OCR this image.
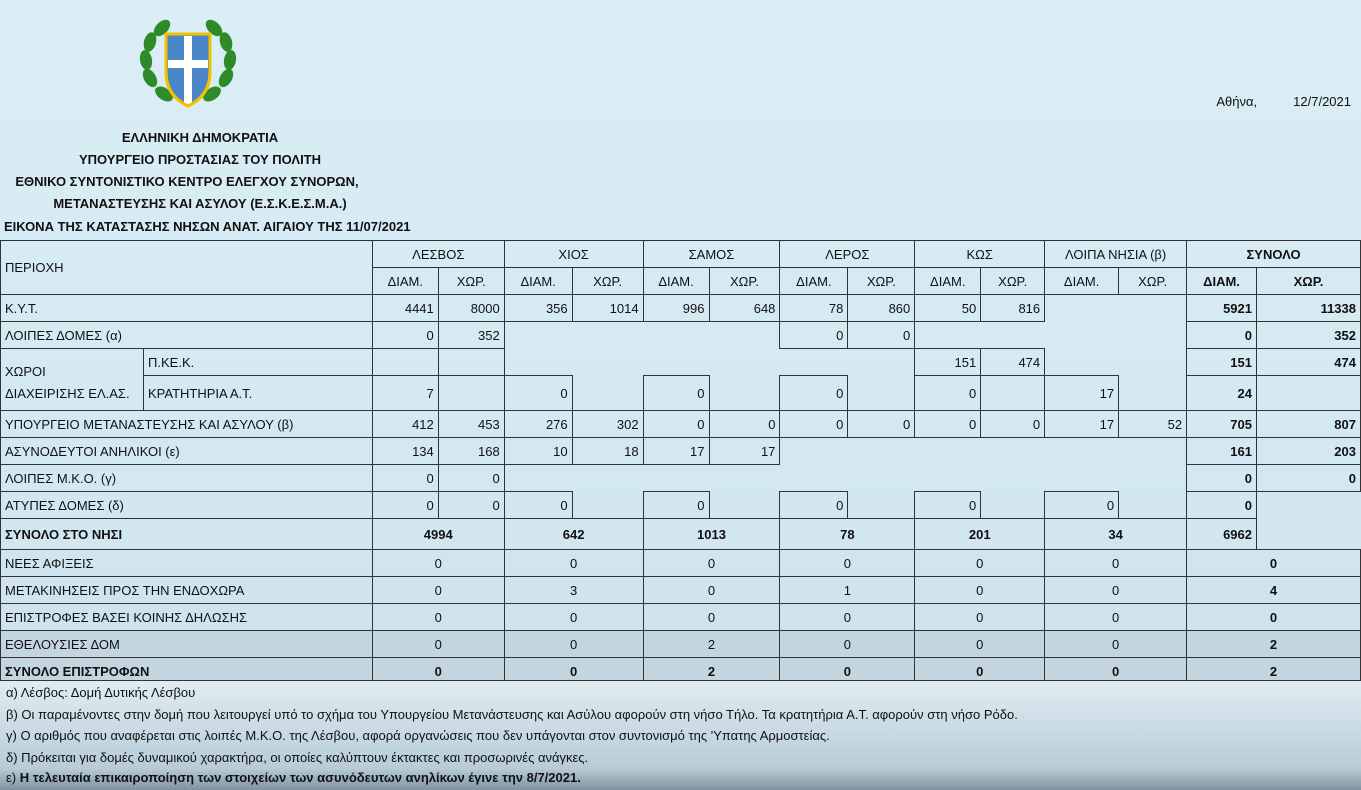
Αθήνα,	12/7/2021
ΕΛΛΗΝΙΚΗ ΔΗΜΟΚΡΑΤΙΑ
ΥΠΟΥΡΓΕΙΟ ΠΡΟΣΤΑΣΙΑΣ ΤΟΥ ΠΟΛΙΤΗ
ΕΘΝΙΚΟ ΣΥΝΤΟΝΙΣΤΙΚΟ ΚΕΝΤΡΟ ΕΛΕΓΧΟΥ ΣΥΝΟΡΩΝ,
ΜΕΤΑΝΑΣΤΕΥΣΗΣ ΚΑΙ ΑΣΥΛΟΥ (Ε.Σ.Κ.Ε.Σ.Μ.Α.)
ΕΙΚΟΝΑ ΤΗΣ ΚΑΤΑΣΤΑΣΗΣ ΝΗΣΩΝ ΑΝΑΤ. ΑΙΓΑΙΟΥ ΤΗΣ 11/07/2021
ΠΕΡΙΟΧΗ		ΛΕΣΒΟΣ		ΧΙΟΣ		ΣΑΜΟΣ		ΛΕΡΟΣ		ΚΩΣ		ΛΟΙΠΑ ΝΗΣΙΑ (β)		ΣΥΝΟΛΟ	
		ΔΙΑΜ.	ΧΩΡ.	ΔΙΑΜ.	ΧΩΡ.	ΔΙΑΜ.	ΧΩΡ.	ΔΙΑΜ.	ΧΩΡ.	ΔΙΑΜ.	ΧΩΡ.	ΔΙΑΜ.	ΧΩΡ.	ΔΙΑΜ.	ΧΩΡ.
Κ.Υ.Τ.		4441	8000	356	1014	996	648	78	860	50	816			5921	11338
ΛΟΙΠΕΣ ΔΟΜΕΣ (α)		0	352					0	0					0	352
ΧΩΡΟΙ
ΔΙΑΧΕΙΡΙΣΗΣ ΕΛ.ΑΣ.	Π.ΚΕ.Κ.									151	474			151	474
	ΚΡΑΤΗΤΗΡΙΑ Α.Τ.	7		0		0		0		0		17		24	
ΥΠΟΥΡΓΕΙΟ ΜΕΤΑΝΑΣΤΕΥΣΗΣ ΚΑΙ ΑΣΥΛΟΥ (β)		412	453	276	302	0	0	0	0	0	0	17	52	705	807
ΑΣΥΝΟΔΕΥΤΟΙ ΑΝΗΛΙΚΟΙ (ε)		134	168	10	18	17	17							161	203
ΛΟΙΠΕΣ Μ.Κ.Ο. (γ)		0	0											0	0
ΑΤΥΠΕΣ ΔΟΜΕΣ (δ)		0	0	0		0		0		0		0		0	
ΣΥΝΟΛΟ ΣΤΟ ΝΗΣΙ		4994		642		1013		78		201		34		6962	
ΝΕΕΣ ΑΦΙΞΕΙΣ		0		0		0		0		0		0		0	
ΜΕΤΑΚΙΝΗΣΕΙΣ ΠΡΟΣ ΤΗΝ ΕΝΔΟΧΩΡΑ		0		3		0		1		0		0		4	
ΕΠΙΣΤΡΟΦΕΣ ΒΑΣΕΙ ΚΟΙΝΗΣ ΔΗΛΩΣΗΣ		0		0		0		0		0		0		0	
ΕΘΕΛΟΥΣΙΕΣ ΔΟΜ		0		0		2		0		0		0		2	
ΣΥΝΟΛΟ ΕΠΙΣΤΡΟΦΩΝ		0		0		2		0		0		0		2	
α) Λέσβος: Δομή Δυτικής Λέσβου
β) Οι παραμένοντες στην δομή που λειτουργεί υπό το σχήμα του Υπουργείου Μετανάστευσης και Ασύλου αφορούν στη νήσο Τήλο. Τα κρατητήρια Α.Τ. αφορούν στη νήσο Ρόδο.
γ) Ο αριθμός που αναφέρεται στις λοιπές Μ.Κ.Ο. της Λέσβου, αφορά οργανώσεις που δεν υπάγονται στον συντονισμό της 'Υπατης Αρμοστείας.
δ) Πρόκειται για δομές δυναμικού χαρακτήρα, οι οποίες καλύπτουν έκτακτες και προσωρινές ανάγκες.
ε) Η τελευταία επικαιροποίηση των στοιχείων των ασυνόδευτων ανηλίκων έγινε την 8/7/2021.
